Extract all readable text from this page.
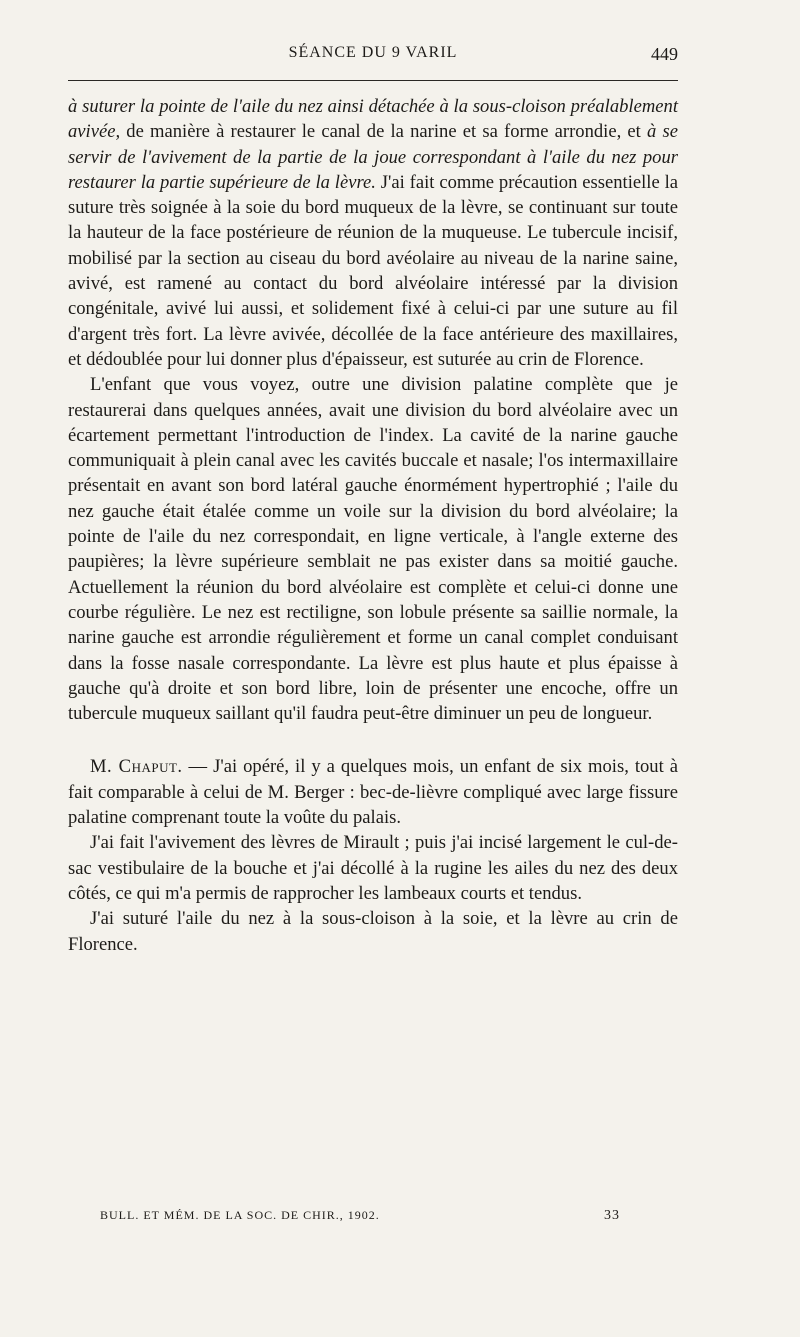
SÉANCE DU 9 VARIL	449

à suturer la pointe de l'aile du nez ainsi détachée à la sous-cloison préalablement avivée, de manière à restaurer le canal de la narine et sa forme arrondie, et à se servir de l'avivement de la partie de la joue correspondant à l'aile du nez pour restaurer la partie supérieure de la lèvre. J'ai fait comme précaution essentielle la suture très soignée à la soie du bord muqueux de la lèvre, se continuant sur toute la hauteur de la face postérieure de réunion de la muqueuse. Le tubercule incisif, mobilisé par la section au ciseau du bord avéolaire au niveau de la narine saine, avivé, est ramené au contact du bord alvéolaire intéressé par la division congénitale, avivé lui aussi, et solidement fixé à celui-ci par une suture au fil d'argent très fort. La lèvre avivée, décollée de la face antérieure des maxillaires, et dédoublée pour lui donner plus d'épaisseur, est suturée au crin de Florence.

L'enfant que vous voyez, outre une division palatine complète que je restaurerai dans quelques années, avait une division du bord alvéolaire avec un écartement permettant l'introduction de l'index. La cavité de la narine gauche communiquait à plein canal avec les cavités buccale et nasale; l'os intermaxillaire présentait en avant son bord latéral gauche énormément hypertrophié ; l'aile du nez gauche était étalée comme un voile sur la division du bord alvéolaire; la pointe de l'aile du nez correspondait, en ligne verticale, à l'angle externe des paupières; la lèvre supérieure semblait ne pas exister dans sa moitié gauche. Actuellement la réunion du bord alvéolaire est complète et celui-ci donne une courbe régulière. Le nez est rectiligne, son lobule présente sa saillie normale, la narine gauche est arrondie régulièrement et forme un canal complet conduisant dans la fosse nasale correspondante. La lèvre est plus haute et plus épaisse à gauche qu'à droite et son bord libre, loin de présenter une encoche, offre un tubercule muqueux saillant qu'il faudra peut-être diminuer un peu de longueur.

M. Chaput. — J'ai opéré, il y a quelques mois, un enfant de six mois, tout à fait comparable à celui de M. Berger : bec-de-lièvre compliqué avec large fissure palatine comprenant toute la voûte du palais.

J'ai fait l'avivement des lèvres de Mirault ; puis j'ai incisé largement le cul-de-sac vestibulaire de la bouche et j'ai décollé à la rugine les ailes du nez des deux côtés, ce qui m'a permis de rapprocher les lambeaux courts et tendus.

J'ai suturé l'aile du nez à la sous-cloison à la soie, et la lèvre au crin de Florence.

BULL. ET MÉM. DE LA SOC. DE CHIR., 1902.	33
